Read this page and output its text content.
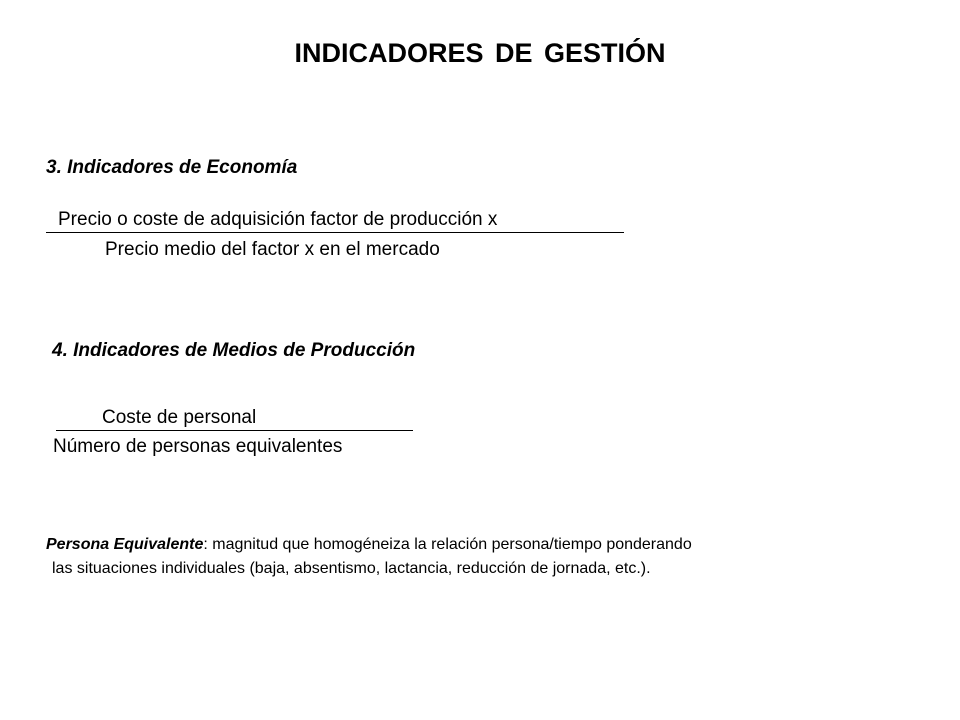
INDICADORES DE GESTIÓN
3. Indicadores de Economía
Precio o coste de adquisición factor de producción x
Precio medio del factor x en el mercado
4. Indicadores de Medios de Producción
Coste de personal
Número de personas equivalentes
Persona Equivalente: magnitud que homogéneiza la relación persona/tiempo ponderando
las situaciones individuales (baja, absentismo, lactancia, reducción de jornada, etc.).
